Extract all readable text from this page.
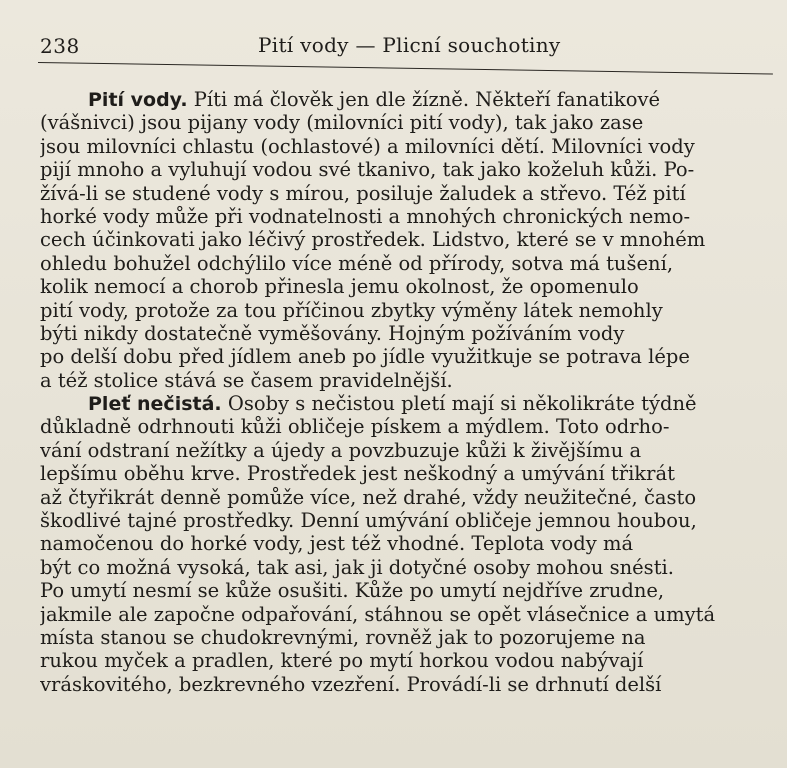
238	Pití vody — Plicní souchotiny
Pití vody. Píti má člověk jen dle žízně. Někteří fanatikové
(vášnivci) jsou pijany vody (milovníci pití vody), tak jako zase
jsou milovníci chlastu (ochlastové) a milovníci dětí. Milovníci vody
pijí mnoho a vyluhují vodou své tkanivo, tak jako koželuh kůži. Po-
žívá-li se studené vody s mírou, posiluje žaludek a střevo. Též pití
horké vody může při vodnatelnosti a mnohých chronických nemo-
cech účinkovati jako léčivý prostředek. Lidstvo, které se v mnohém
ohledu bohužel odchýlilo více méně od přírody, sotva má tušení,
kolik nemocí a chorob přinesla jemu okolnost, že opomenulo
pití vody, protože za tou příčinou zbytky výměny látek nemohly
býti nikdy dostatečně vyměšovány. Hojným požíváním vody
po delší dobu před jídlem aneb po jídle využitkuje se potrava lépe
a též stolice stává se časem pravidelnější.
Pleť nečistá. Osoby s nečistou pletí mají si několikráte týdně
důkladně odrhnouti kůži obličeje pískem a mýdlem. Toto odrho-
vání odstraní nežítky a újedy a povzbuzuje kůži k živějšímu a
lepšímu oběhu krve. Prostředek jest neškodný a umývání třikrát
až čtyřikrát denně pomůže více, než drahé, vždy neužitečné, často
škodlivé tajné prostředky. Denní umývání obličeje jemnou houbou,
namočenou do horké vody, jest též vhodné. Teplota vody má
být co možná vysoká, tak asi, jak ji dotyčné osoby mohou snésti.
Po umytí nesmí se kůže osušiti. Kůže po umytí nejdříve zrudne,
jakmile ale započne odpařování, stáhnou se opět vlásečnice a umytá
místa stanou se chudokrevnými, rovněž jak to pozorujeme na
rukou myček a pradlen, které po mytí horkou vodou nabývají
vráskovitého, bezkrevného vzezření. Provádí-li se drhnutí delší
